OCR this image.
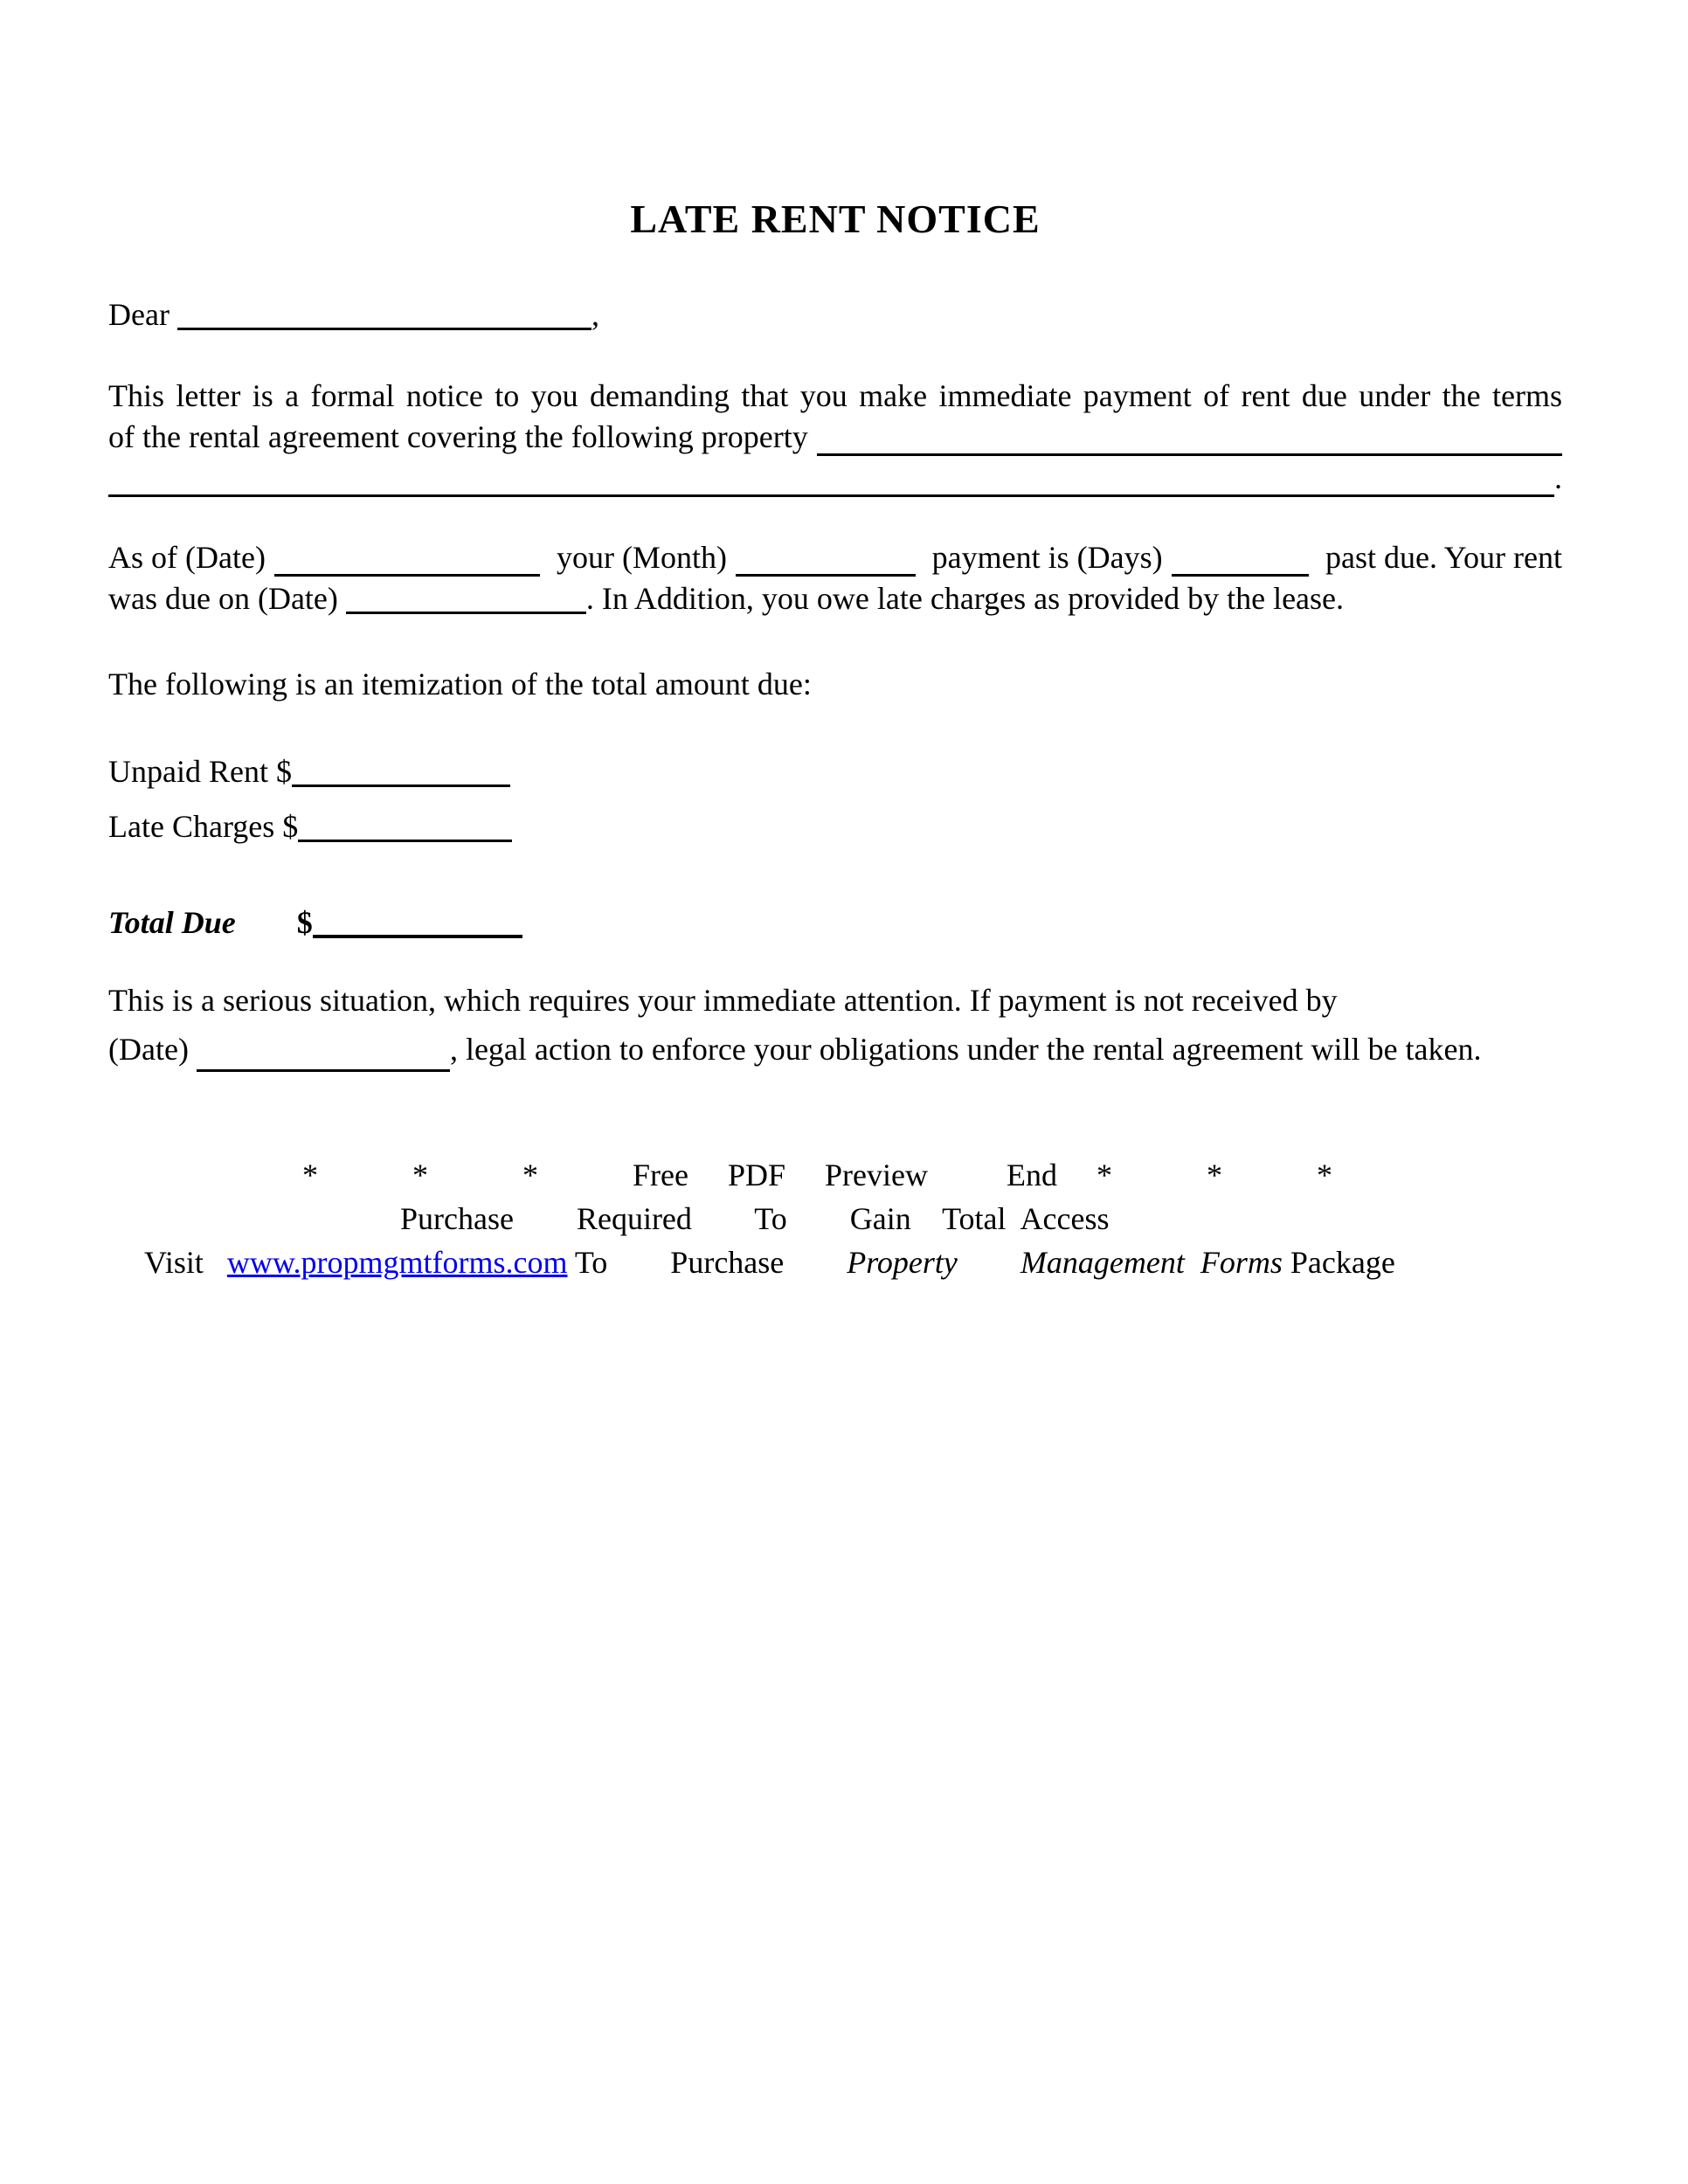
LATE RENT NOTICE
Dear	,
This letter is a formal notice to you demanding that you make immediate payment of rent due under the terms
of the rental agreement covering the following property
.
As of (Date)	your (Month)	payment is (Days)	past due. Your rent
was due on (Date)	. In Addition, you owe late charges as provided by the lease.
The following is an itemization of the total amount due:
Unpaid Rent $
Late Charges $
Total Due $
This is a serious situation, which requires your immediate attention. If payment is not received by
(Date)	, legal action to enforce your obligations under the rental agreement will be taken.
*            *            *            Free     PDF     Preview          End     *            *            *
Purchase        Required        To        Gain    Total  Access
Visit   www.propmgmtforms.com To        Purchase        Property        Management  Forms Package
